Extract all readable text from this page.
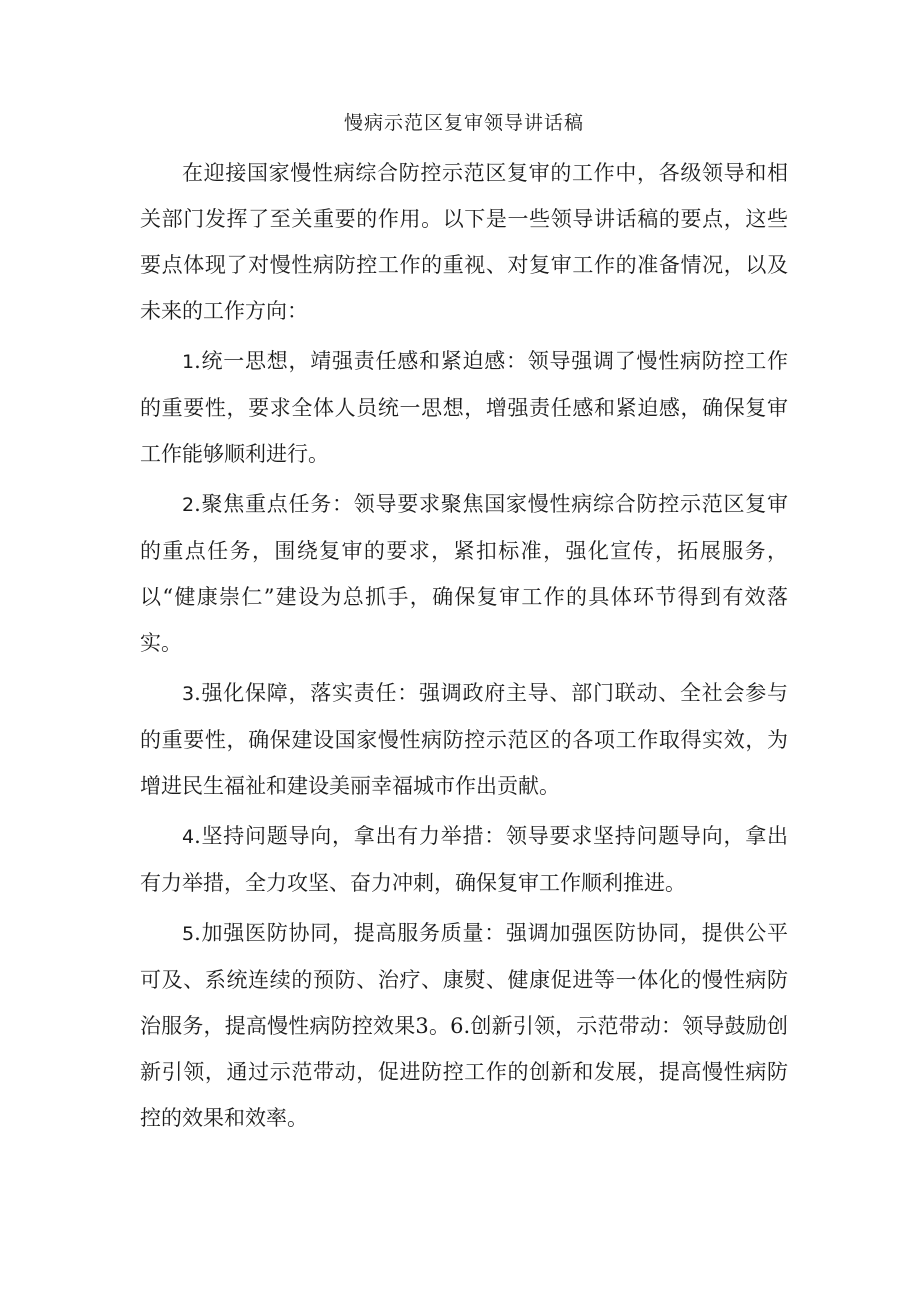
慢病示范区复审领导讲话稿

在迎接国家慢性病综合防控示范区复审的工作中，各级领导和相关部门发挥了至关重要的作用。以下是一些领导讲话稿的要点，这些要点体现了对慢性病防控工作的重视、对复审工作的准备情况，以及未来的工作方向：

1.统一思想，靖强责任感和紧迫感：领导强调了慢性病防控工作的重要性，要求全体人员统一思想，增强责任感和紧迫感，确保复审工作能够顺利进行。

2.聚焦重点任务：领导要求聚焦国家慢性病综合防控示范区复审的重点任务，围绕复审的要求，紧扣标准，强化宣传，拓展服务，以“健康崇仁”建设为总抓手，确保复审工作的具体环节得到有效落实。

3.强化保障，落实责任：强调政府主导、部门联动、全社会参与的重要性，确保建设国家慢性病防控示范区的各项工作取得实效，为增进民生福祉和建设美丽幸福城市作出贡献。

4.坚持问题导向，拿出有力举措：领导要求坚持问题导向，拿出有力举措，全力攻坚、奋力冲刺，确保复审工作顺利推进。

5.加强医防协同，提高服务质量：强调加强医防协同，提供公平可及、系统连续的预防、治疗、康熨、健康促进等一体化的慢性病防治服务，提高慢性病防控效果3。6.创新引领，示范带动：领导鼓励创新引领，通过示范带动，促进防控工作的创新和发展，提高慢性病防控的效果和效率。
